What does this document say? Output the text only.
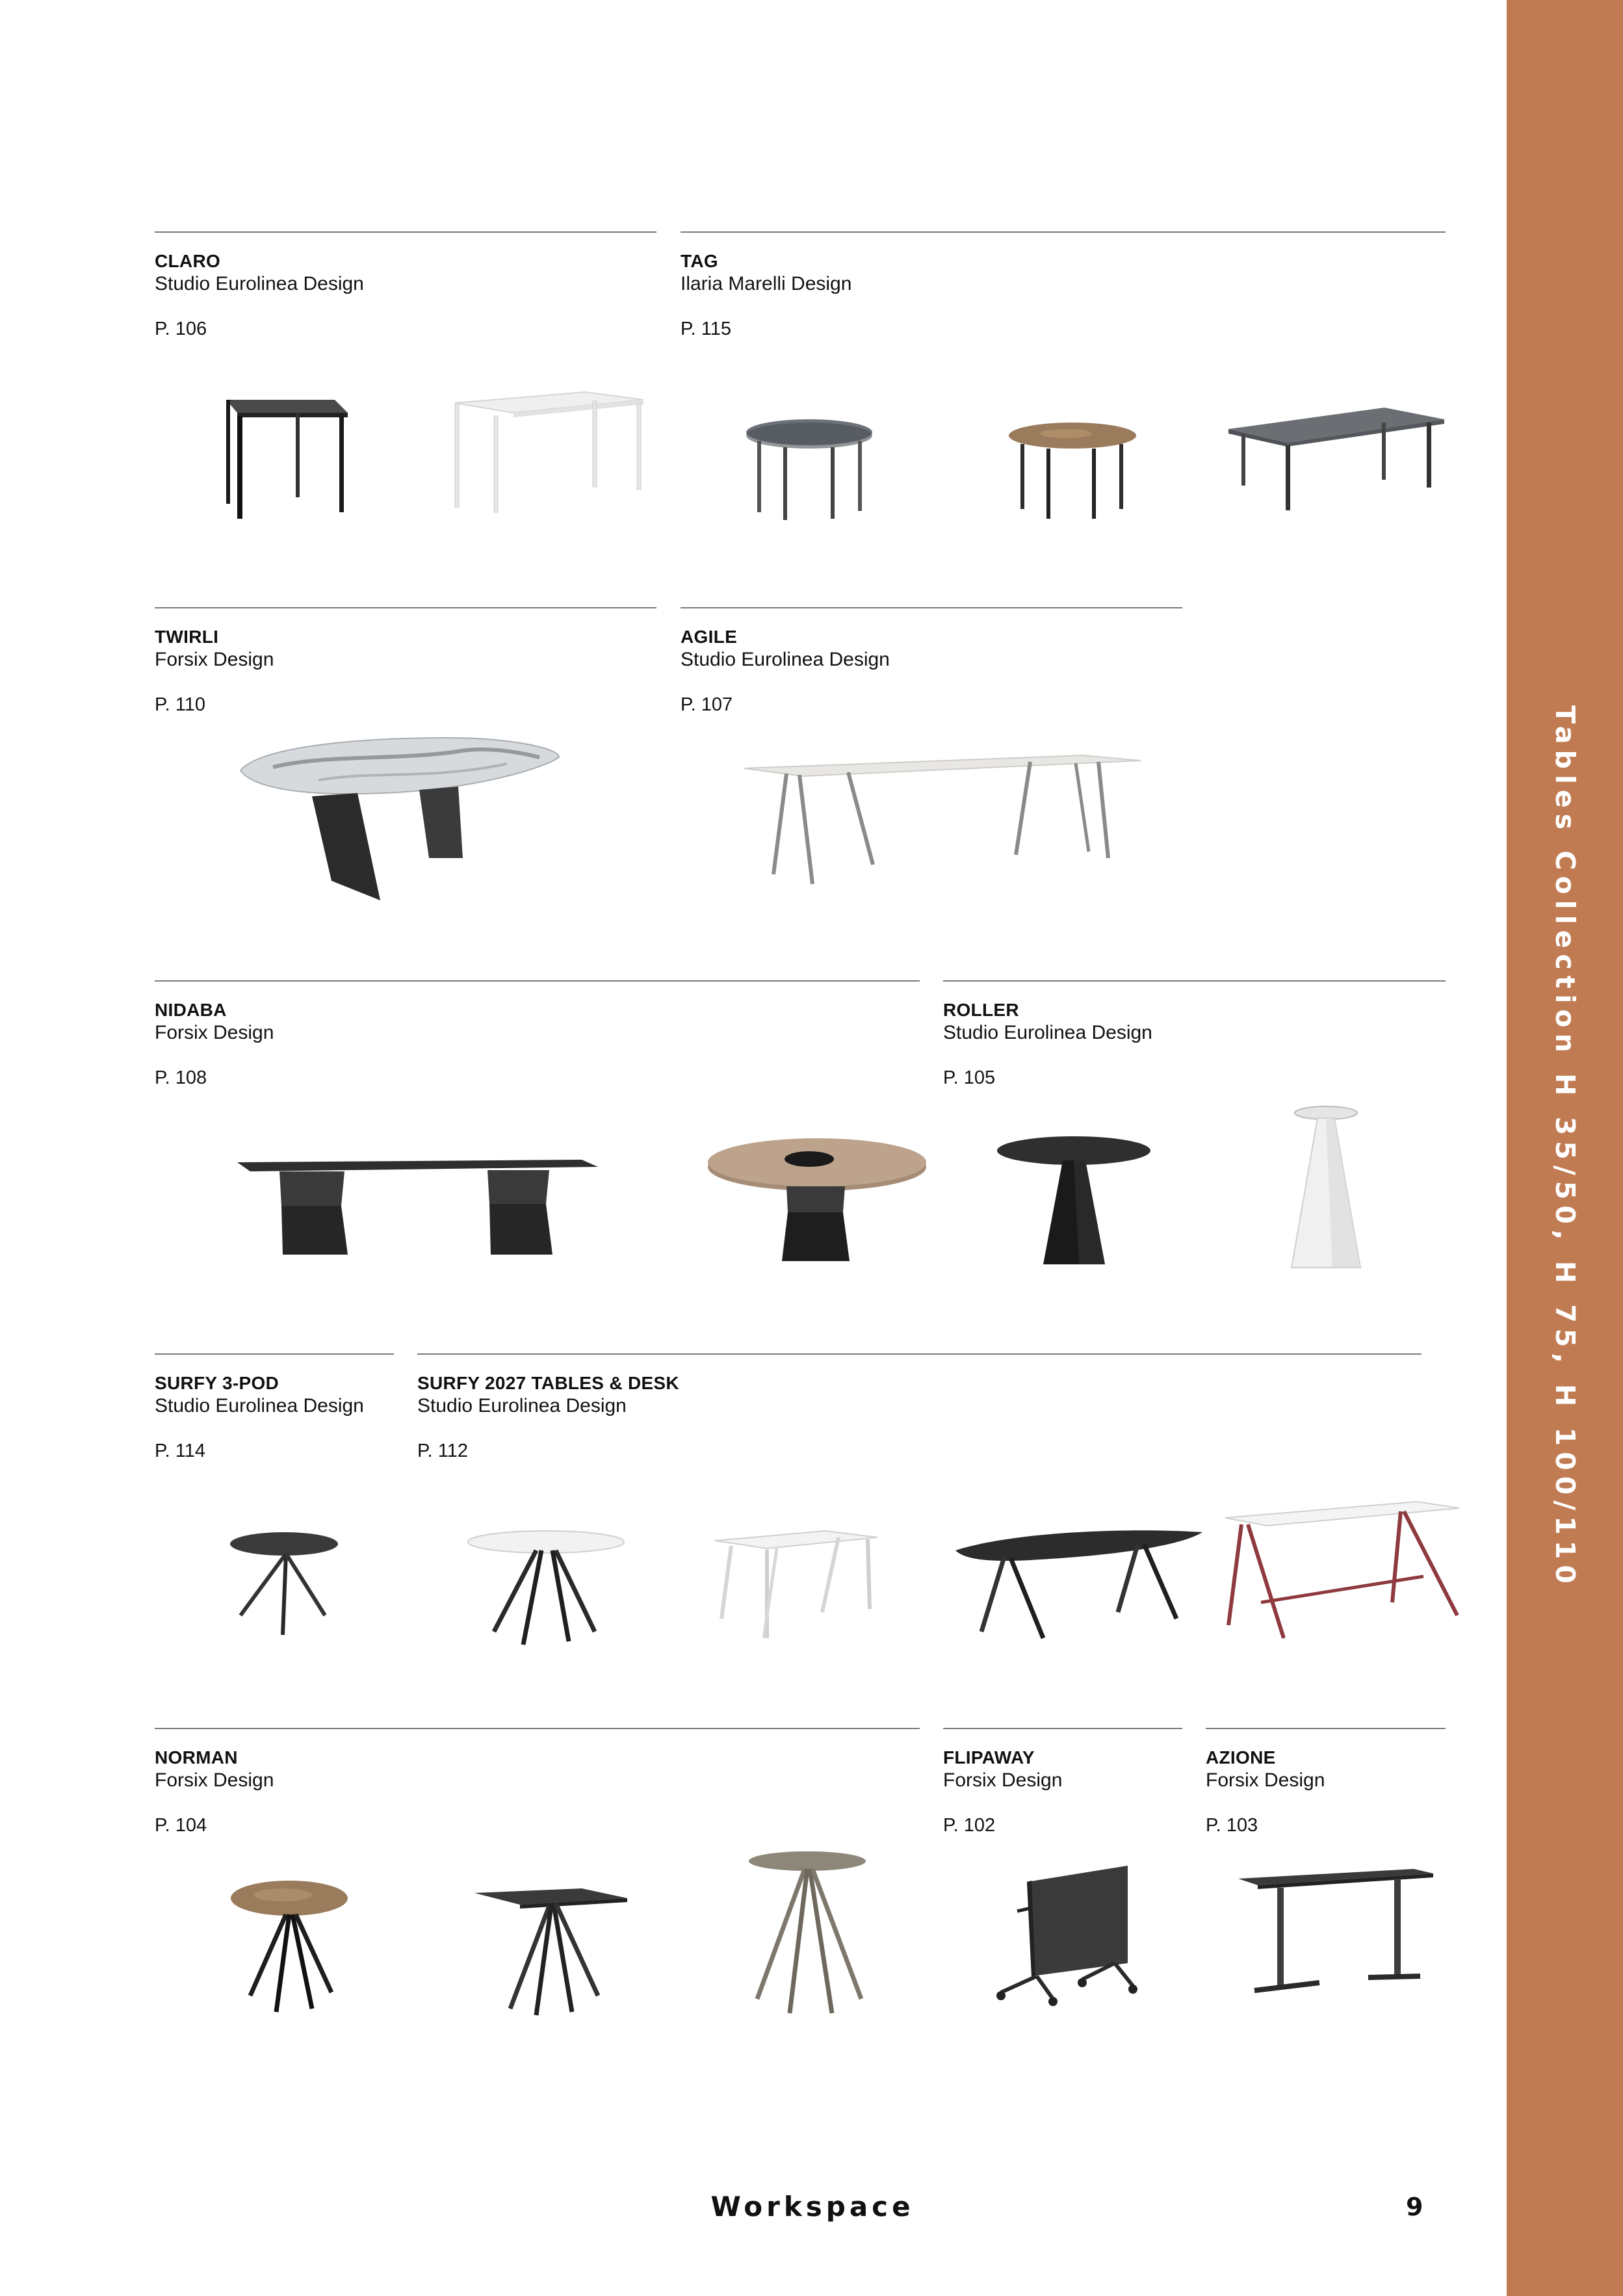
Tables Collection H 35/50, H 75, H 100/110
CLARO
Studio Eurolinea Design
P. 106
TAG
Ilaria Marelli Design
P. 115
TWIRLI
Forsix Design
P. 110
AGILE
Studio Eurolinea Design
P. 107
NIDABA
Forsix Design
P. 108
ROLLER
Studio Eurolinea Design
P. 105
SURFY 3-POD
Studio Eurolinea Design
P. 114
SURFY 2027 TABLES & DESK
Studio Eurolinea Design
P. 112
NORMAN
Forsix Design
P. 104
FLIPAWAY
Forsix Design
P. 102
AZIONE
Forsix Design
P. 103
Workspace	9
